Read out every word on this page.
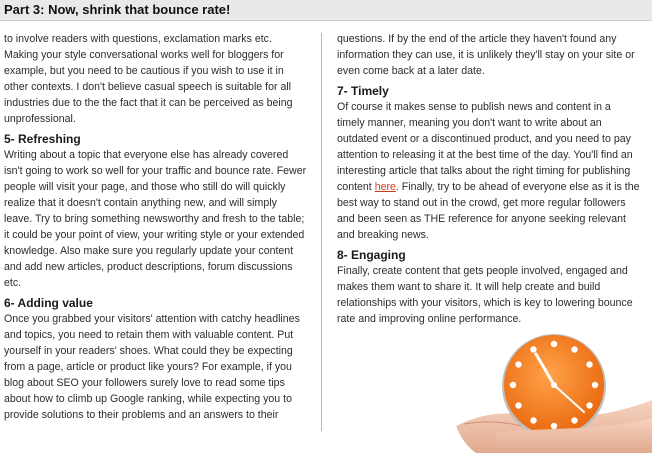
Part 3: Now, shrink that bounce rate!

to involve readers with questions, exclamation marks etc. Making your style conversational works well for bloggers for example, but you need to be cautious if you wish to use it in other contexts. I don't believe casual speech is suitable for all industries due to the the fact that it can be perceived as being unprofessional.

5- Refreshing

Writing about a topic that everyone else has already covered isn't going to work so well for your traffic and bounce rate. Fewer people will visit your page, and those who still do will quickly realize that it doesn't contain anything new, and will simply leave. Try to bring something newsworthy and fresh to the table; it could be your point of view, your writing style or your extended knowledge. Also make sure you regularly update your content and add new articles, product descriptions, forum discussions etc.

6- Adding value

Once you grabbed your visitors' attention with catchy headlines and topics, you need to retain them with valuable content. Put yourself in your readers' shoes. What could they be expecting from a page, article or product like yours? For example, if you blog about SEO your followers surely love to read some tips about how to climb up Google ranking, while expecting you to provide solutions to their problems and an answers to their

questions. If by the end of the article they haven't found any information they can use, it is unlikely they'll stay on your site or even come back at a later date.

7- Timely

Of course it makes sense to publish news and content in a timely manner, meaning you don't want to write about an outdated event or a discontinued product, and you need to pay attention to releasing it at the best time of the day. You'll find an interesting article that talks about the right timing for publishing content here. Finally, try to be ahead of everyone else as it is the best way to stand out in the crowd, get more regular followers and been seen as THE reference for anyone seeking relevant and breaking news.

8- Engaging

Finally, create content that gets people involved, engaged and makes them want to share it. It will help create and build relationships with your visitors, which is key to lowering bounce rate and improving online performance.
